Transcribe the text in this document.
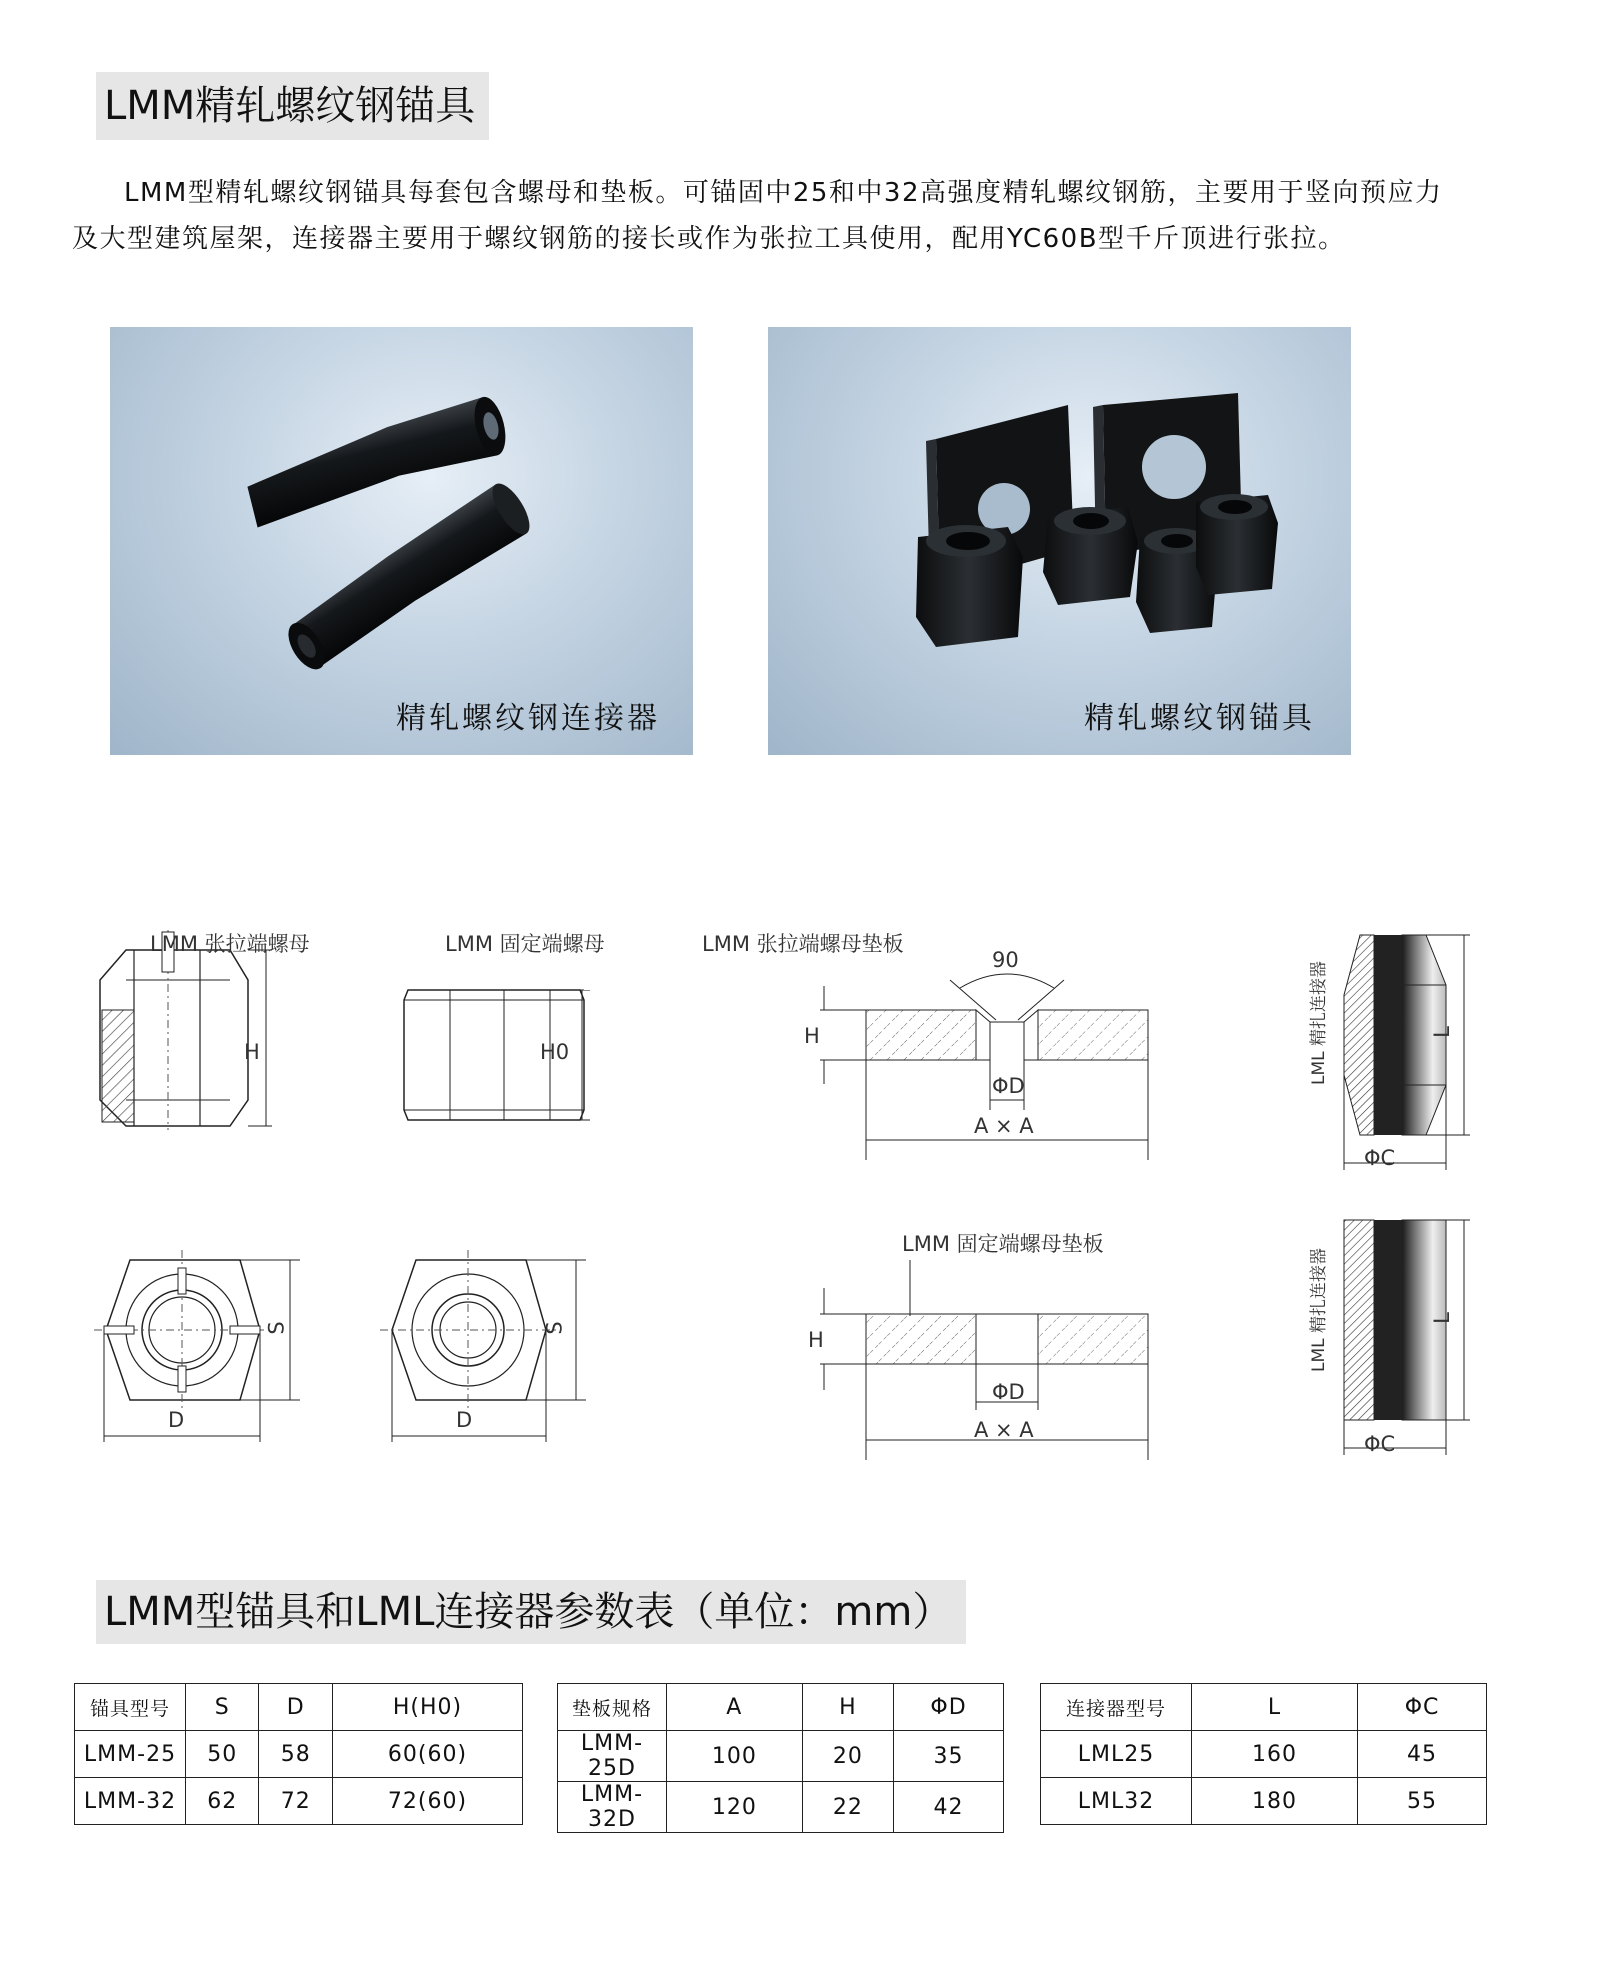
LMM精轧螺纹钢锚具

LMM型精轧螺纹钢锚具每套包含螺母和垫板。可锚固中25和中32高强度精轧螺纹钢筋，主要用于竖向预应力

及大型建筑屋架，连接器主要用于螺纹钢筋的接长或作为张拉工具使用，配用YC60B型千斤顶进行张拉。

精轧螺纹钢连接器	精轧螺纹钢锚具
LMM 张拉端螺母
H
LMM 固定端螺母
H0
S
D
S
D
LMM 张拉端螺母垫板
90
H
ΦD
A × A
LMM 固定端螺母垫板
H
ΦD
A × A
LML 精扎连接器	L
ΦC
LML 精扎连接器	L
ΦC
LMM型锚具和LML连接器参数表（单位：mm）
锚具型号	S	D	H(H0)
LMM-25	50	58	60(60)
LMM-32	62	72	72(60)
垫板规格	A	H	ΦD
LMM-25D	100	20	35
LMM-32D	120	22	42
连接器型号	L	ΦC
LML25	160	45
LML32	180	55
